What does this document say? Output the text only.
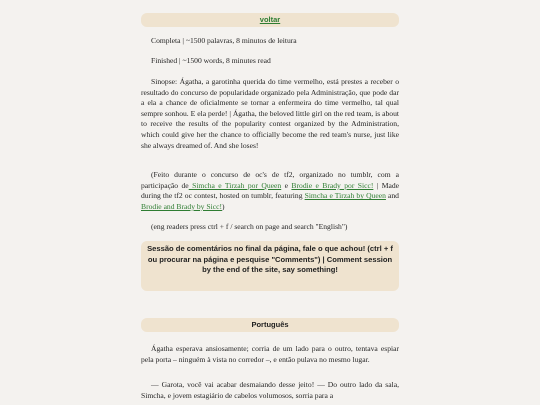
voltar

Completa | ~1500 palavras, 8 minutos de leitura

Finished | ~1500 words, 8 minutes read

Sinopse: Ágatha, a garotinha querida do time vermelho, está prestes a receber o resultado do concurso de popularidade organizado pela Administração, que pode dar a ela a chance de oficialmente se tornar a enfermeira do time vermelho, tal qual sempre sonhou. E ela perde! | Ágatha, the beloved little girl on the red team, is about to receive the results of the popularity contest organized by the Administration, which could give her the chance to officially become the red team's nurse, just like she always dreamed of. And she loses!

(Feito durante o concurso de oc's de tf2, organizado no tumblr, com a participação de Simcha e Tirzah por Queen e Brodie e Brady por Sicc! | Made during the tf2 oc contest, hosted on tumblr, featuring Simcha e Tirzah by Queen and Brodie and Brady by Sicc!)

(eng readers press ctrl + f / search on page and search "English")

Sessão de comentários no final da página, fale o que achou! (ctrl + f ou procurar na página e pesquise "Comments") | Comment session by the end of the site, say something!
Português

Ágatha esperava ansiosamente; corria de um lado para o outro, tentava espiar pela porta – ninguém à vista no corredor –, e então pulava no mesmo lugar.

— Garota, você vai acabar desmaiando desse jeito! — Do outro lado da sala, Simcha, e jovem estagiário de cabelos volumosos, sorria para a
